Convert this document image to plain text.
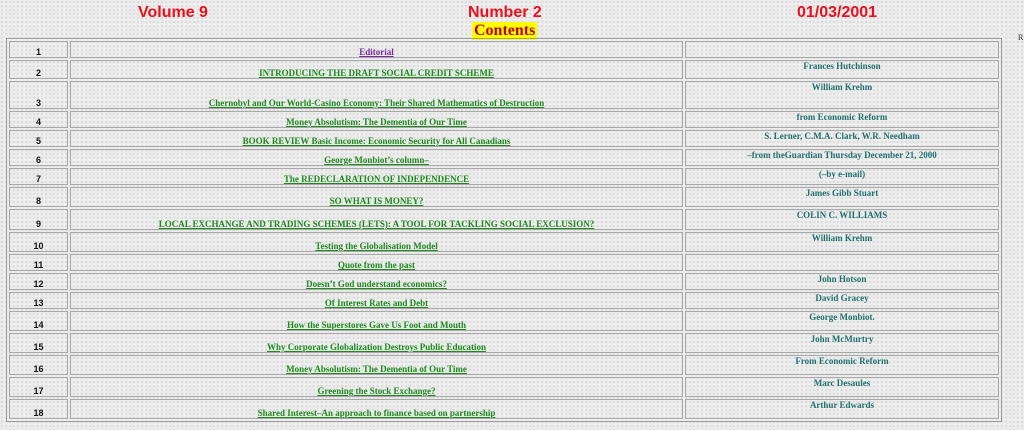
Volume 9	Number 2	01/03/2001
Contents	R
1	Editorial	
2	INTRODUCING THE DRAFT SOCIAL CREDIT SCHEME	Frances Hutchinson
3	Chernobyl and Our World-Casino Economy: Their Shared Mathematics of Destruction	William Krehm
4	Money Absolutism: The Dementia of Our Time	from Economic Reform
5	BOOK REVIEW Basic Income: Economic Security for All Canadians	S. Lerner, C.M.A. Clark, W.R. Needham
6	George Monbiot’s column–	–from theGuardian Thursday December 21, 2000
7	The REDECLARATION OF INDEPENDENCE	(–by e-mail)
8	SO WHAT IS MONEY?	James Gibb Stuart
9	LOCAL EXCHANGE AND TRADING SCHEMES (LETS): A TOOL FOR TACKLING SOCIAL EXCLUSION?	COLIN C. WILLIAMS
10	Testing the Globalisation Model	William Krehm
11	Quote from the past	
12	Doesn’t God understand economics?	John Hotson
13	Of Interest Rates and Debt	David Gracey
14	How the Superstores Gave Us Foot and Mouth	George Monbiot.
15	Why Corporate Globalization Destroys Public Education	John McMurtry
16	Money Absolutism: The Dementia of Our Time	From Economic Reform
17	Greening the Stock Exchange?	Marc Desaules
18	Shared Interest–An approach to finance based on partnership	Arthur Edwards
